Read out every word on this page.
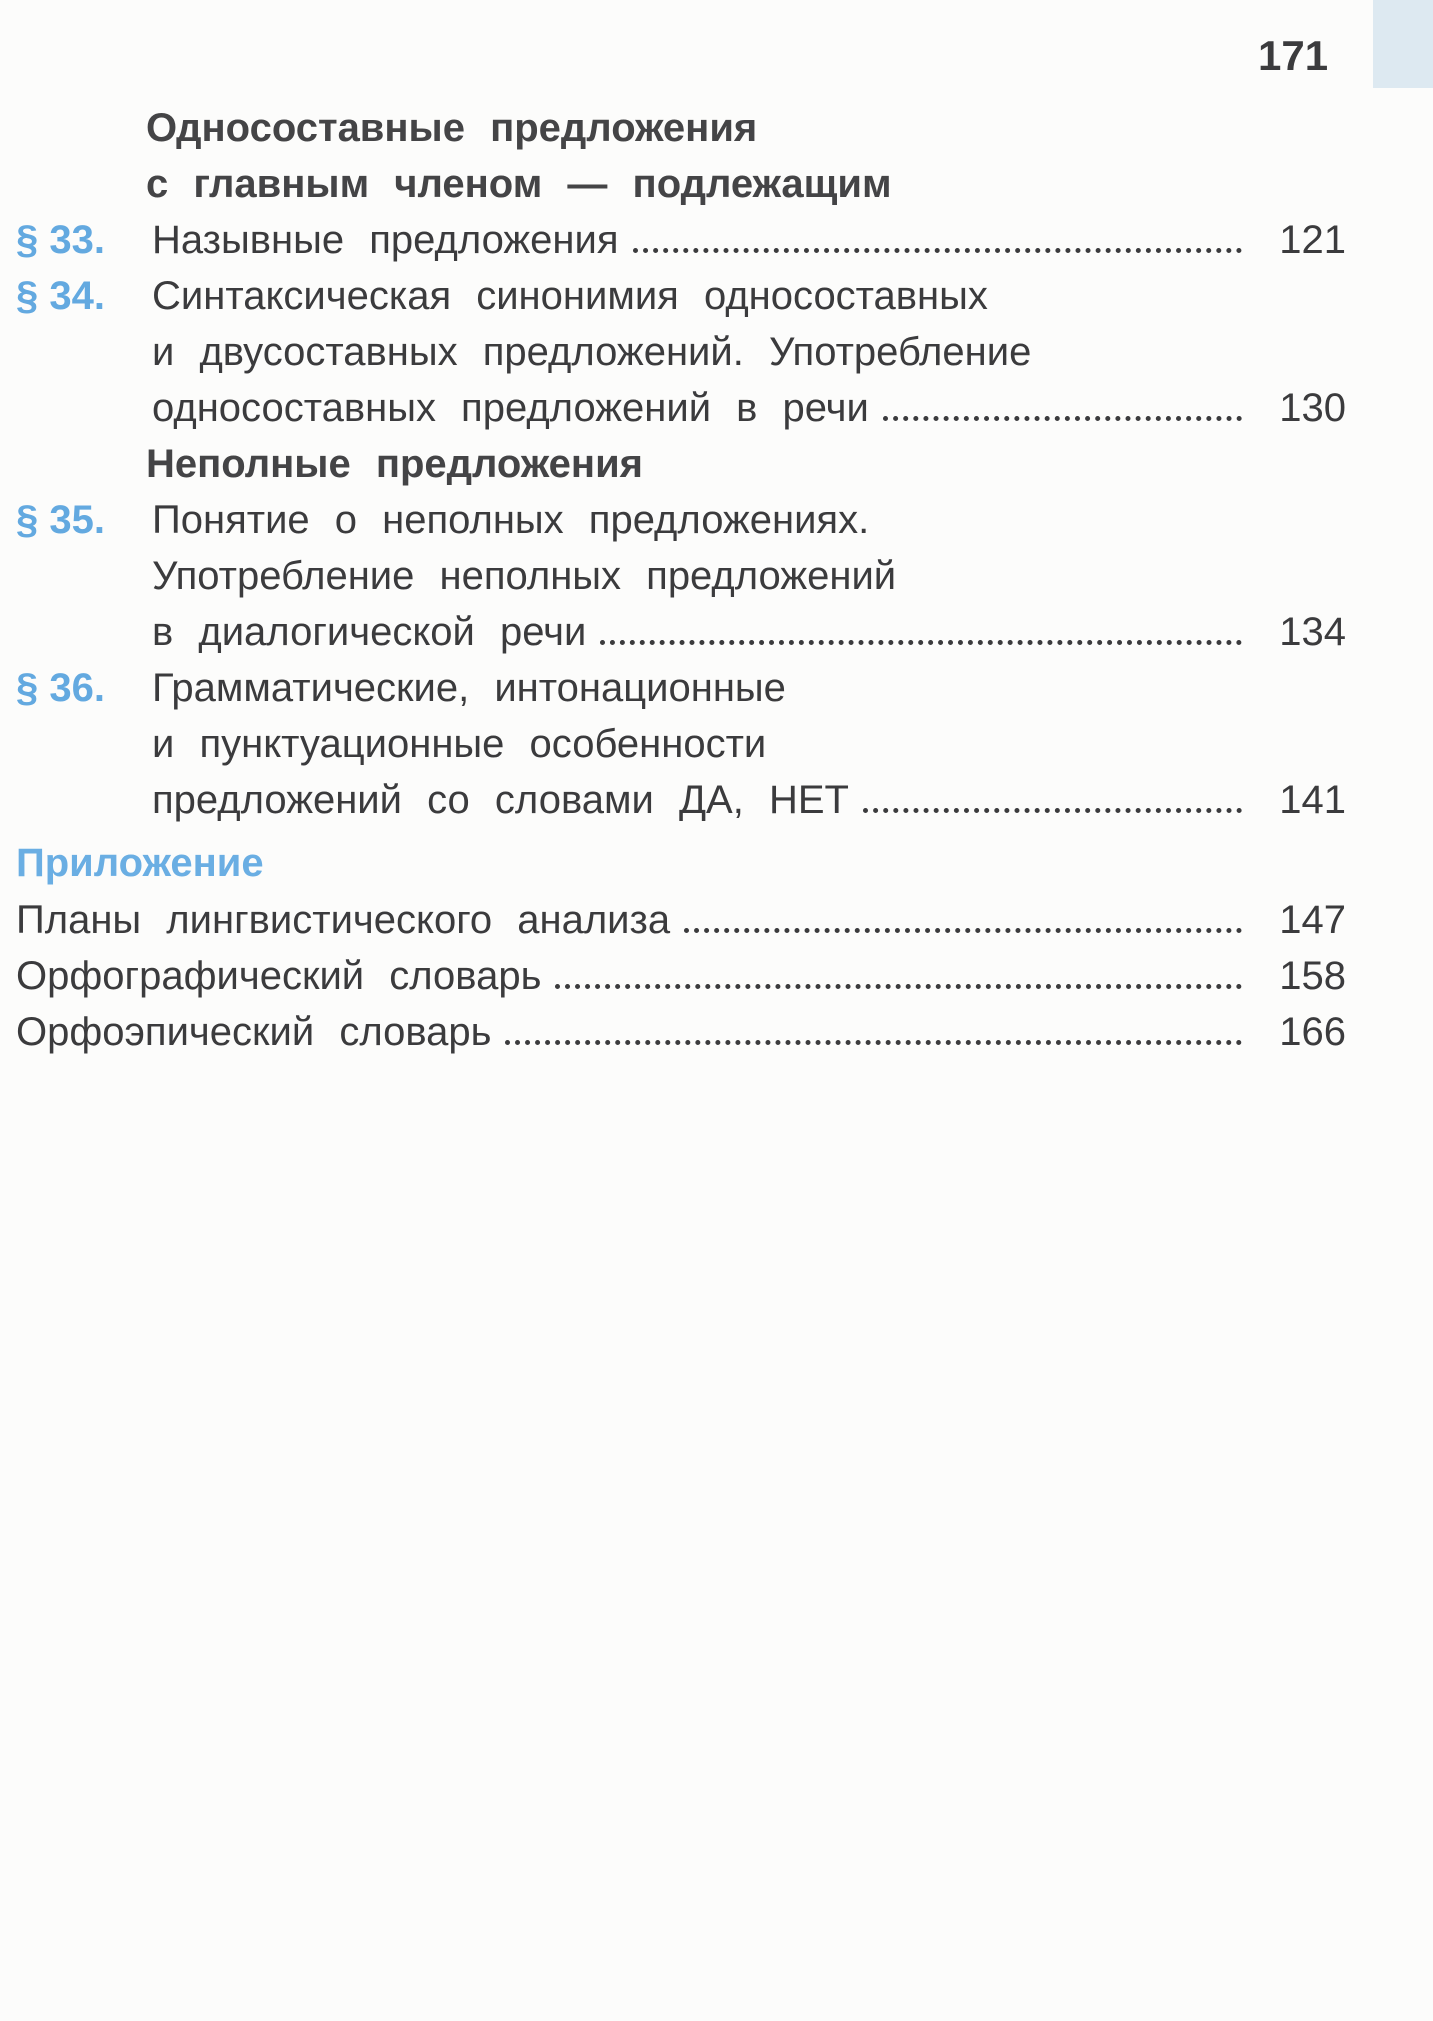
171
Односоставные предложения
с главным членом — подлежащим
§ 33. Назывные предложения	121
§ 34. Синтаксическая синонимия односоставных
и двусоставных предложений. Употребление
односоставных предложений в речи	130
Неполные предложения
§ 35. Понятие о неполных предложениях.
Употребление неполных предложений
в диалогической речи	134
§ 36. Грамматические, интонационные
и пунктуационные особенности
предложений со словами ДА, НЕТ	141
Приложение
Планы лингвистического анализа	147
Орфографический словарь	158
Орфоэпический словарь	166
